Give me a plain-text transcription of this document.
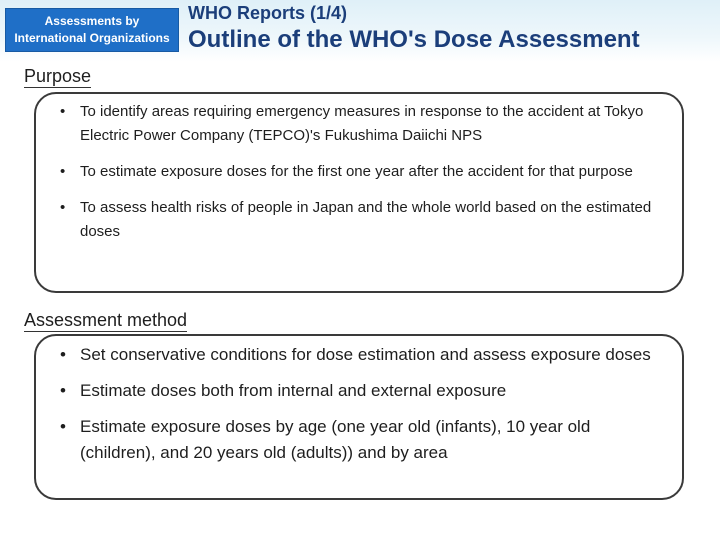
Assessments by
International Organizations
WHO Reports (1/4)
Outline of the WHO's Dose Assessment
Purpose
• To identify areas requiring emergency measures in response to the accident at Tokyo Electric Power Company (TEPCO)'s Fukushima Daiichi NPS
• To estimate exposure doses for the first one year after the accident for that purpose
• To assess health risks of people in Japan and the whole world based on the estimated doses
Assessment method
• Set conservative conditions for dose estimation and assess exposure doses
• Estimate doses both from internal and external exposure
• Estimate exposure doses by age (one year old (infants), 10 year old (children), and 20 years old (adults)) and by area
